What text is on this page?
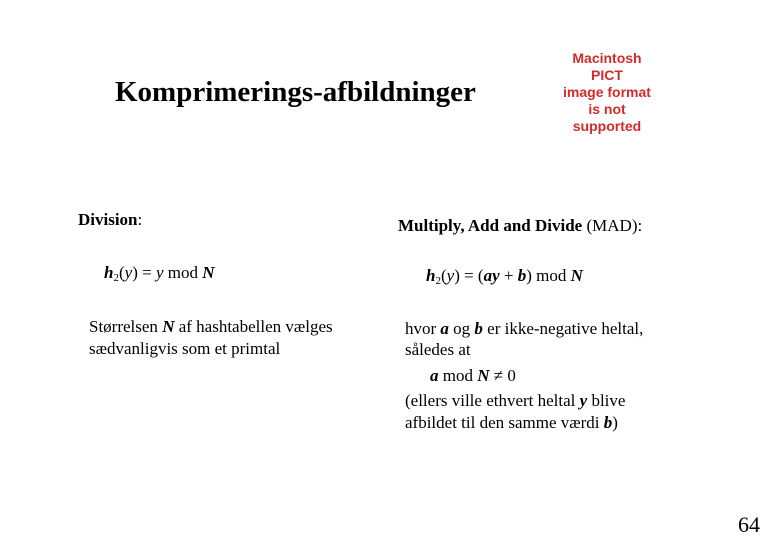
Komprimerings-afbildninger
Macintosh PICT
image format
is not supported
Division:
$h_2(y) = y$ mod N
Størrelsen N af hashtabellen vælges
sædvanligvis som et primtal
Multiply, Add and Divide (MAD):
$h_2(y) = (ay + b)$ mod N
hvor a og b er ikke-negative heltal,
således at
a mod N ≠ 0
(ellers ville ethvert heltal y blive
afbildet til den samme værdi b)
64
